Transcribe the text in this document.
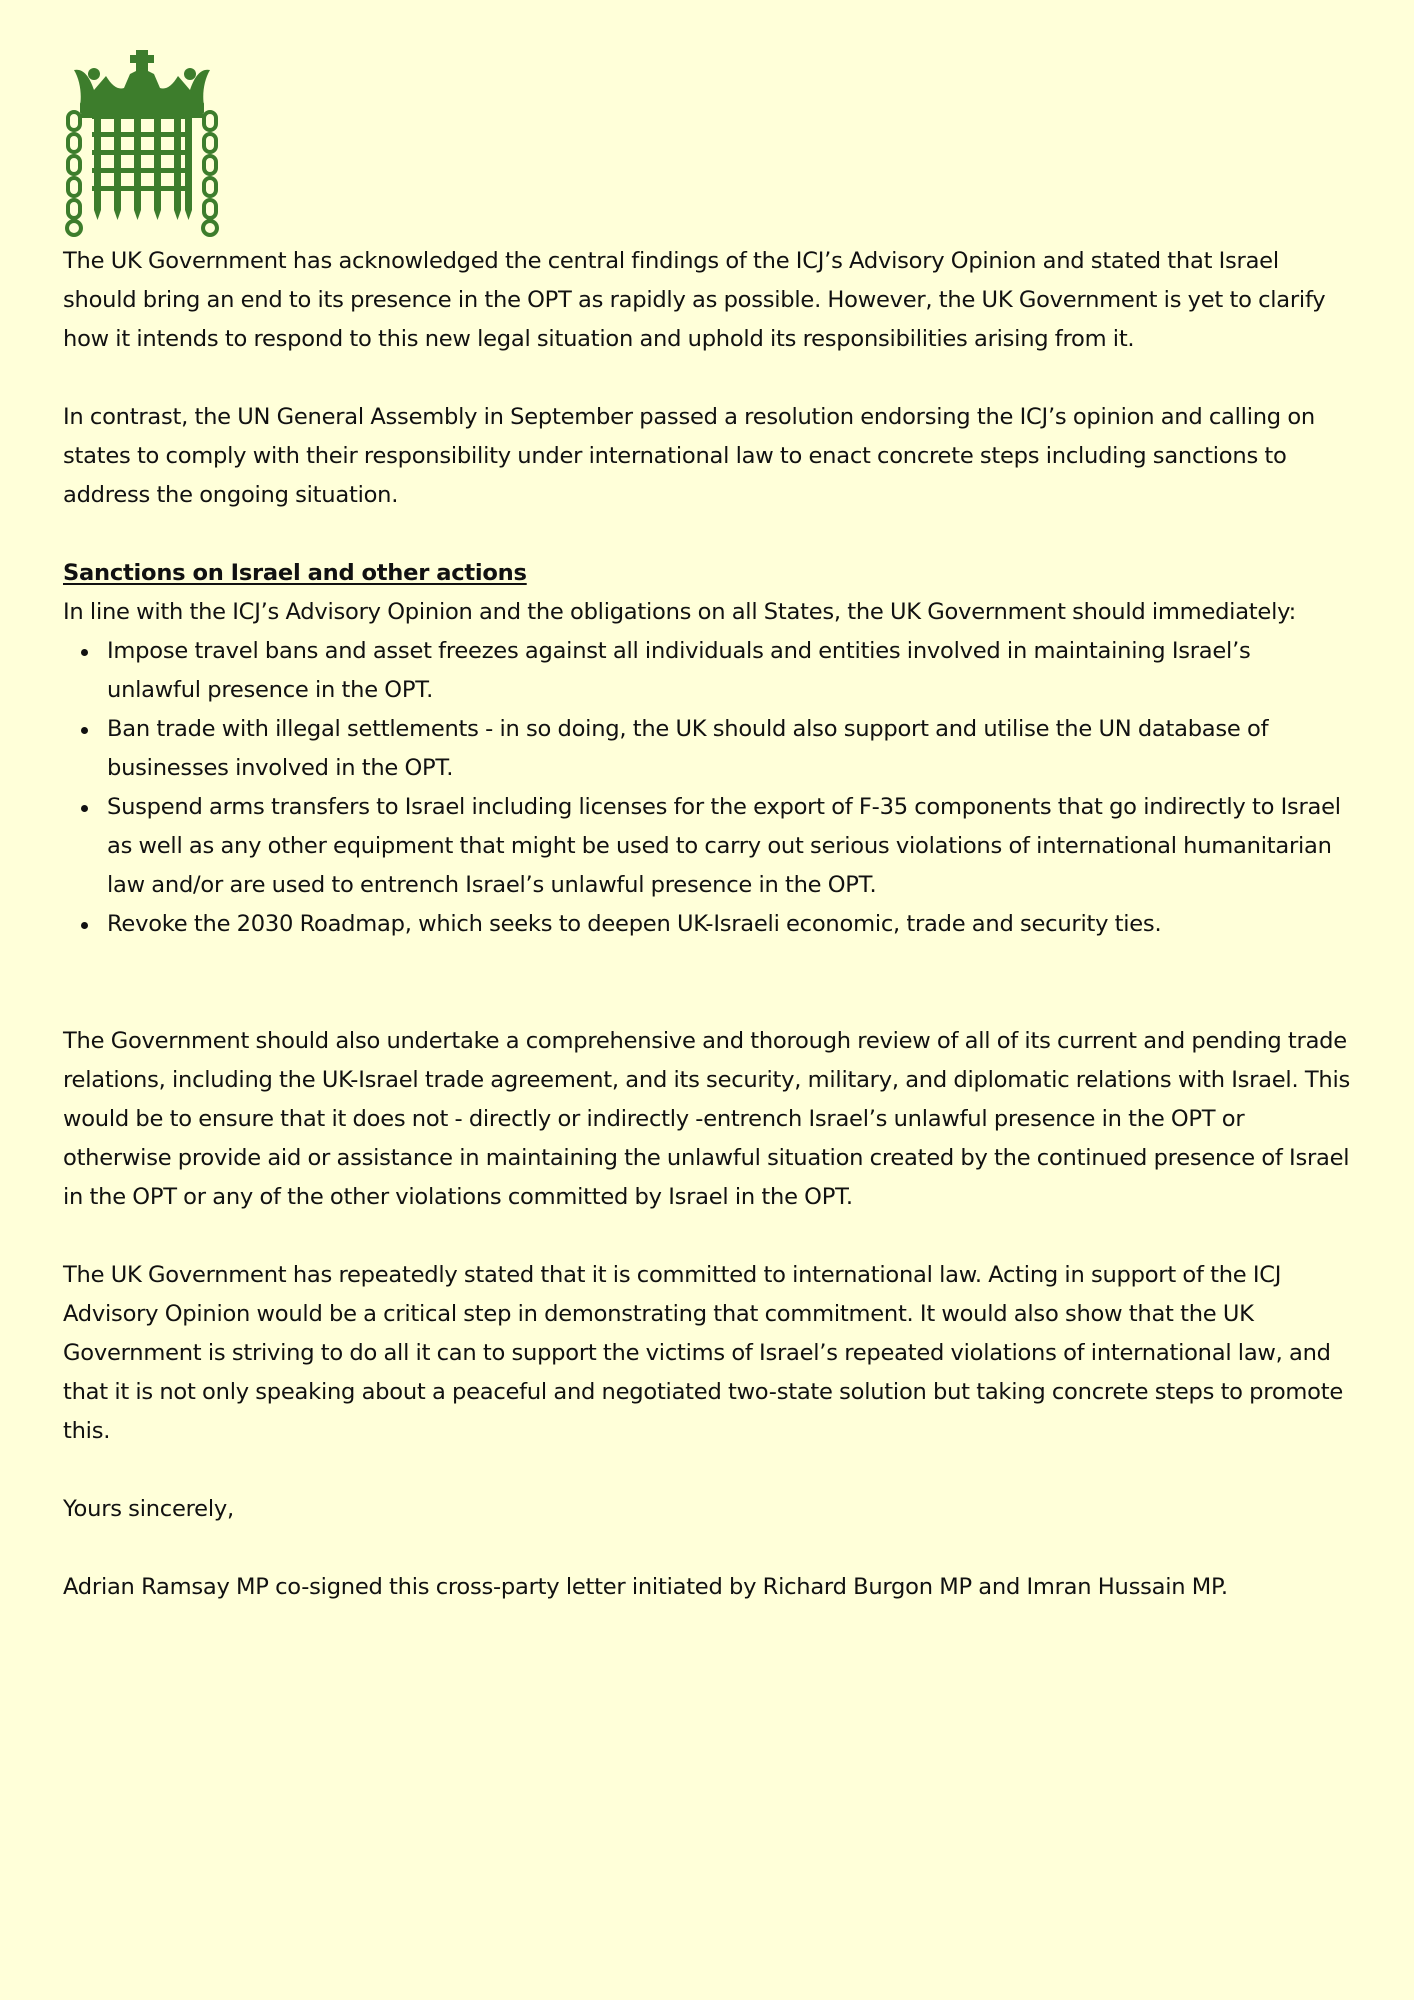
The UK Government has acknowledged the central findings of the ICJ’s Advisory Opinion and stated that Israel should bring an end to its presence in the OPT as rapidly as possible. However, the UK Government is yet to clarify how it intends to respond to this new legal situation and uphold its responsibilities arising from it.

In contrast, the UN General Assembly in September passed a resolution endorsing the ICJ’s opinion and calling on states to comply with their responsibility under international law to enact concrete steps including sanctions to address the ongoing situation.

Sanctions on Israel and other actions

In line with the ICJ’s Advisory Opinion and the obligations on all States, the UK Government should immediately:

Impose travel bans and asset freezes against all individuals and entities involved in maintaining Israel’s unlawful presence in the OPT.
Ban trade with illegal settlements - in so doing, the UK should also support and utilise the UN database of businesses involved in the OPT.
Suspend arms transfers to Israel including licenses for the export of F-35 components that go indirectly to Israel as well as any other equipment that might be used to carry out serious violations of international humanitarian law and/or are used to entrench Israel’s unlawful presence in the OPT.
Revoke the 2030 Roadmap, which seeks to deepen UK-Israeli economic, trade and security ties.

The Government should also undertake a comprehensive and thorough review of all of its current and pending trade relations, including the UK-Israel trade agreement, and its security, military, and diplomatic relations with Israel. This would be to ensure that it does not - directly or indirectly -entrench Israel’s unlawful presence in the OPT or otherwise provide aid or assistance in maintaining the unlawful situation created by the continued presence of Israel in the OPT or any of the other violations committed by Israel in the OPT.

The UK Government has repeatedly stated that it is committed to international law. Acting in support of the ICJ Advisory Opinion would be a critical step in demonstrating that commitment. It would also show that the UK Government is striving to do all it can to support the victims of Israel’s repeated violations of international law, and that it is not only speaking about a peaceful and negotiated two-state solution but taking concrete steps to promote this.

Yours sincerely,

Adrian Ramsay MP co-signed this cross-party letter initiated by Richard Burgon MP and Imran Hussain MP.
